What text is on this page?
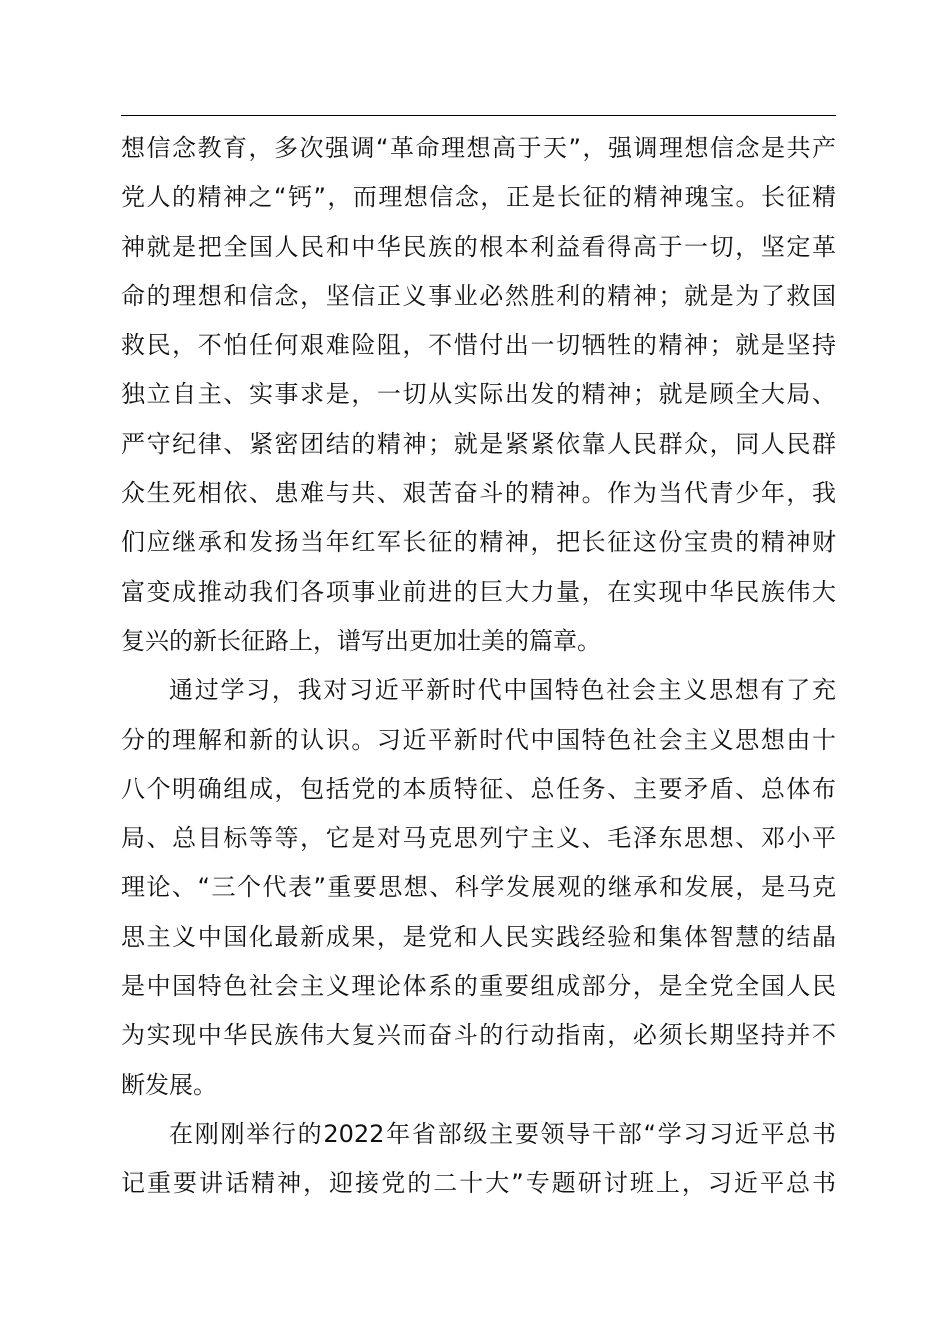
想信念教育，多次强调“革命理想高于天”，强调理想信念是共产
党人的精神之“钙”，而理想信念，正是长征的精神瑰宝。长征精
神就是把全国人民和中华民族的根本利益看得高于一切，坚定革
命的理想和信念，坚信正义事业必然胜利的精神；就是为了救国
救民，不怕任何艰难险阻，不惜付出一切牺牲的精神；就是坚持
独立自主、实事求是，一切从实际出发的精神；就是顾全大局、
严守纪律、紧密团结的精神；就是紧紧依靠人民群众，同人民群
众生死相依、患难与共、艰苦奋斗的精神。作为当代青少年，我
们应继承和发扬当年红军长征的精神，把长征这份宝贵的精神财
富变成推动我们各项事业前进的巨大力量，在实现中华民族伟大
复兴的新长征路上，谱写出更加壮美的篇章。
通过学习，我对习近平新时代中国特色社会主义思想有了充
分的理解和新的认识。习近平新时代中国特色社会主义思想由十
八个明确组成，包括党的本质特征、总任务、主要矛盾、总体布
局、总目标等等，它是对马克思列宁主义、毛泽东思想、邓小平
理论、“三个代表”重要思想、科学发展观的继承和发展，是马克
思主义中国化最新成果，是党和人民实践经验和集体智慧的结晶
是中国特色社会主义理论体系的重要组成部分，是全党全国人民
为实现中华民族伟大复兴而奋斗的行动指南，必须长期坚持并不
断发展。
在刚刚举行的2022年省部级主要领导干部“学习习近平总书
记重要讲话精神，迎接党的二十大”专题研讨班上，习近平总书
